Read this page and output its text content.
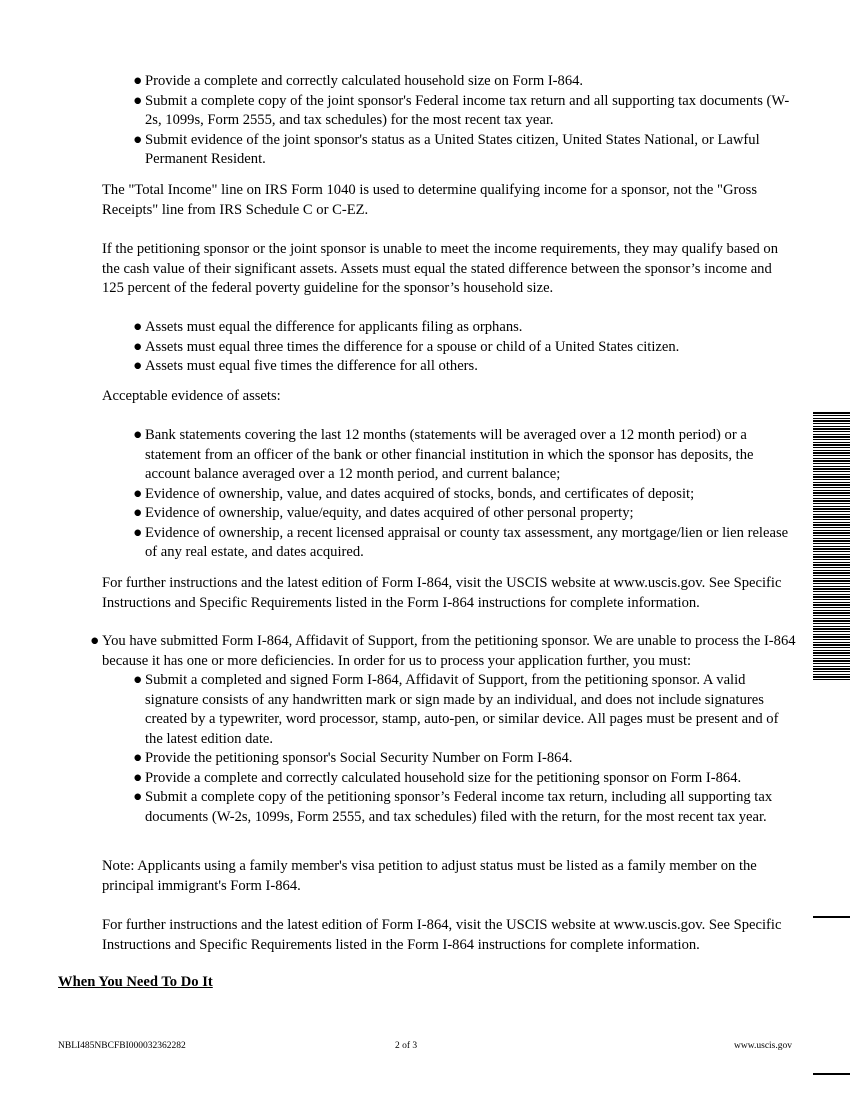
● Provide a complete and correctly calculated household size on Form I-864.
● Submit a complete copy of the joint sponsor's Federal income tax return and all supporting tax documents (W-2s, 1099s, Form 2555, and tax schedules) for the most recent tax year.
● Submit evidence of the joint sponsor's status as a United States citizen, United States National, or Lawful Permanent Resident.
The "Total Income" line on IRS Form 1040 is used to determine qualifying income for a sponsor, not the "Gross Receipts" line from IRS Schedule C or C-EZ.
If the petitioning sponsor or the joint sponsor is unable to meet the income requirements, they may qualify based on the cash value of their significant assets. Assets must equal the stated difference between the sponsor’s income and 125 percent of the federal poverty guideline for the sponsor’s household size.
● Assets must equal the difference for applicants filing as orphans.
● Assets must equal three times the difference for a spouse or child of a United States citizen.
● Assets must equal five times the difference for all others.
Acceptable evidence of assets:
● Bank statements covering the last 12 months (statements will be averaged over a 12 month period) or a statement from an officer of the bank or other financial institution in which the sponsor has deposits, the account balance averaged over a 12 month period, and current balance;
● Evidence of ownership, value, and dates acquired of stocks, bonds, and certificates of deposit;
● Evidence of ownership, value/equity, and dates acquired of other personal property;
● Evidence of ownership, a recent licensed appraisal or county tax assessment, any mortgage/lien or lien release of any real estate, and dates acquired.
For further instructions and the latest edition of Form I-864, visit the USCIS website at www.uscis.gov. See Specific Instructions and Specific Requirements listed in the Form I-864 instructions for complete information.
● You have submitted Form I-864, Affidavit of Support, from the petitioning sponsor. We are unable to process the I-864 because it has one or more deficiencies. In order for us to process your application further, you must:
● Submit a completed and signed Form I-864, Affidavit of Support, from the petitioning sponsor. A valid signature consists of any handwritten mark or sign made by an individual, and does not include signatures created by a typewriter, word processor, stamp, auto-pen, or similar device. All pages must be present and of the latest edition date.
● Provide the petitioning sponsor's Social Security Number on Form I-864.
● Provide a complete and correctly calculated household size for the petitioning sponsor on Form I-864.
● Submit a complete copy of the petitioning sponsor’s Federal income tax return, including all supporting tax documents (W-2s, 1099s, Form 2555, and tax schedules) filed with the return, for the most recent tax year.
Note: Applicants using a family member's visa petition to adjust status must be listed as a family member on the principal immigrant's Form I-864.
For further instructions and the latest edition of Form I-864, visit the USCIS website at www.uscis.gov. See Specific Instructions and Specific Requirements listed in the Form I-864 instructions for complete information.
When You Need To Do It
NBLI485NBCFBI000032362282	2 of 3	www.uscis.gov
